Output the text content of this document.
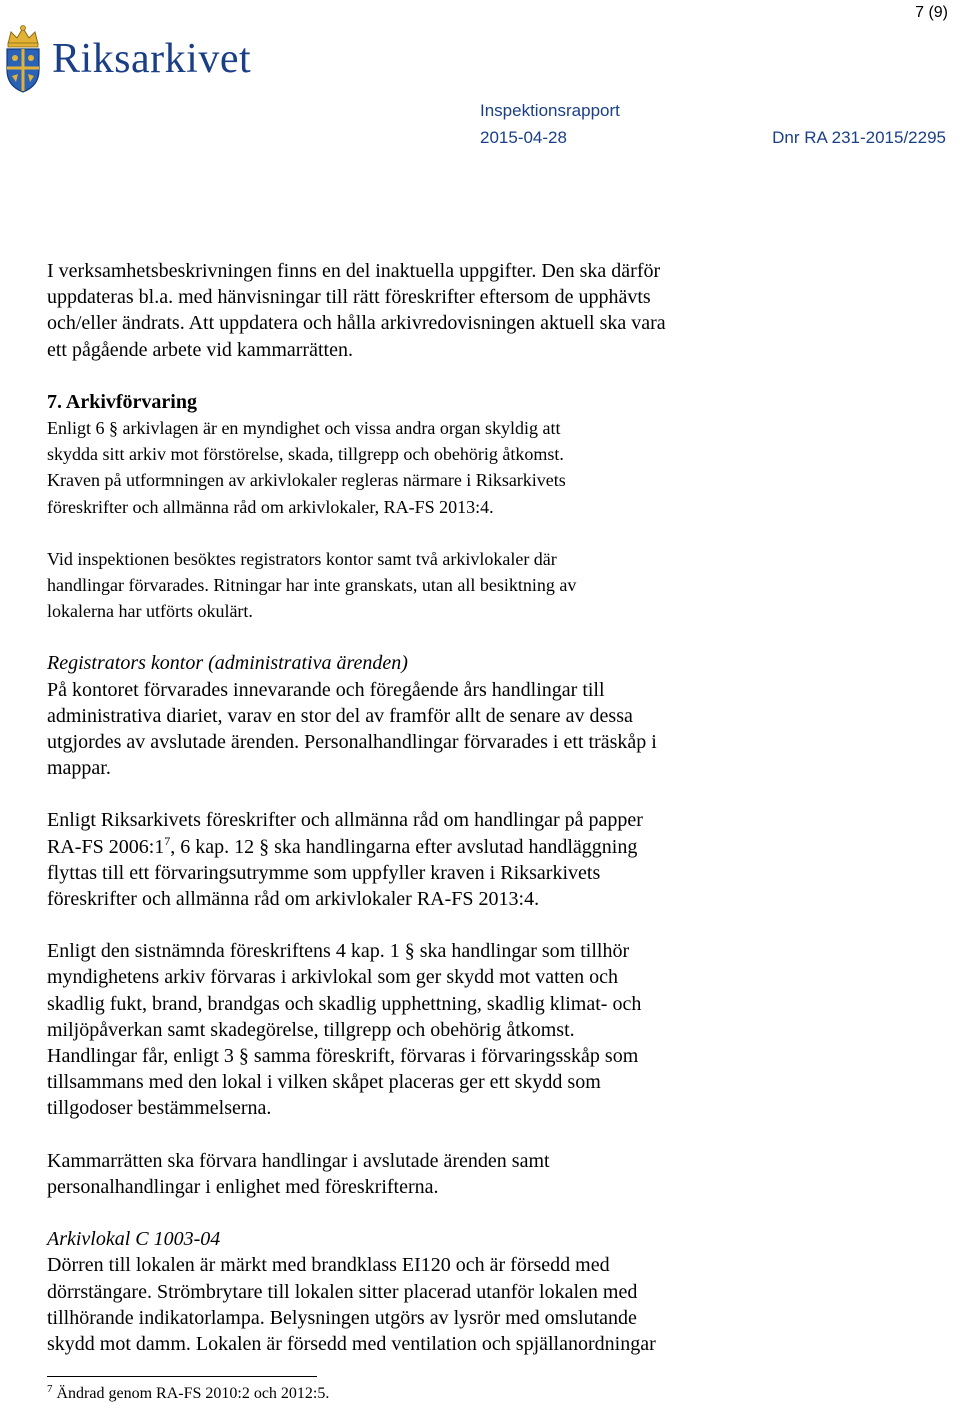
7 (9)
Riksarkivet
Inspektionsrapport
2015-04-28	Dnr RA 231-2015/2295

I verksamhetsbeskrivningen finns en del inaktuella uppgifter. Den ska därför
uppdateras bl.a. med hänvisningar till rätt föreskrifter eftersom de upphävts
och/eller ändrats. Att uppdatera och hålla arkivredovisningen aktuell ska vara
ett pågående arbete vid kammarrätten.

7. Arkivförvaring

Enligt 6 § arkivlagen är en myndighet och vissa andra organ skyldig att
skydda sitt arkiv mot förstörelse, skada, tillgrepp och obehörig åtkomst.
Kraven på utformningen av arkivlokaler regleras närmare i Riksarkivets
föreskrifter och allmänna råd om arkivlokaler, RA-FS 2013:4.

Vid inspektionen besöktes registrators kontor samt två arkivlokaler där
handlingar förvarades. Ritningar har inte granskats, utan all besiktning av
lokalerna har utförts okulärt.

Registrators kontor (administrativa ärenden)

På kontoret förvarades innevarande och föregående års handlingar till
administrativa diariet, varav en stor del av framför allt de senare av dessa
utgjordes av avslutade ärenden. Personalhandlingar förvarades i ett träskåp i
mappar.

Enligt Riksarkivets föreskrifter och allmänna råd om handlingar på papper
RA-FS $2006:1^7$, 6 kap. 12 § ska handlingarna efter avslutad handläggning
flyttas till ett förvaringsutrymme som uppfyller kraven i Riksarkivets
föreskrifter och allmänna råd om arkivlokaler RA-FS 2013:4.

Enligt den sistnämnda föreskriftens 4 kap. 1 § ska handlingar som tillhör
myndighetens arkiv förvaras i arkivlokal som ger skydd mot vatten och
skadlig fukt, brand, brandgas och skadlig upphettning, skadlig klimat- och
miljöpåverkan samt skadegörelse, tillgrepp och obehörig åtkomst.
Handlingar får, enligt 3 § samma föreskrift, förvaras i förvaringsskåp som
tillsammans med den lokal i vilken skåpet placeras ger ett skydd som
tillgodoser bestämmelserna.

Kammarrätten ska förvara handlingar i avslutade ärenden samt
personalhandlingar i enlighet med föreskrifterna.

Arkivlokal C 1003-04

Dörren till lokalen är märkt med brandklass EI120 och är försedd med
dörrstängare. Strömbrytare till lokalen sitter placerad utanför lokalen med
tillhörande indikatorlampa. Belysningen utgörs av lysrör med omslutande
skydd mot damm. Lokalen är försedd med ventilation och spjällanordningar

$^7$ Ändrad genom RA-FS 2010:2 och 2012:5.
